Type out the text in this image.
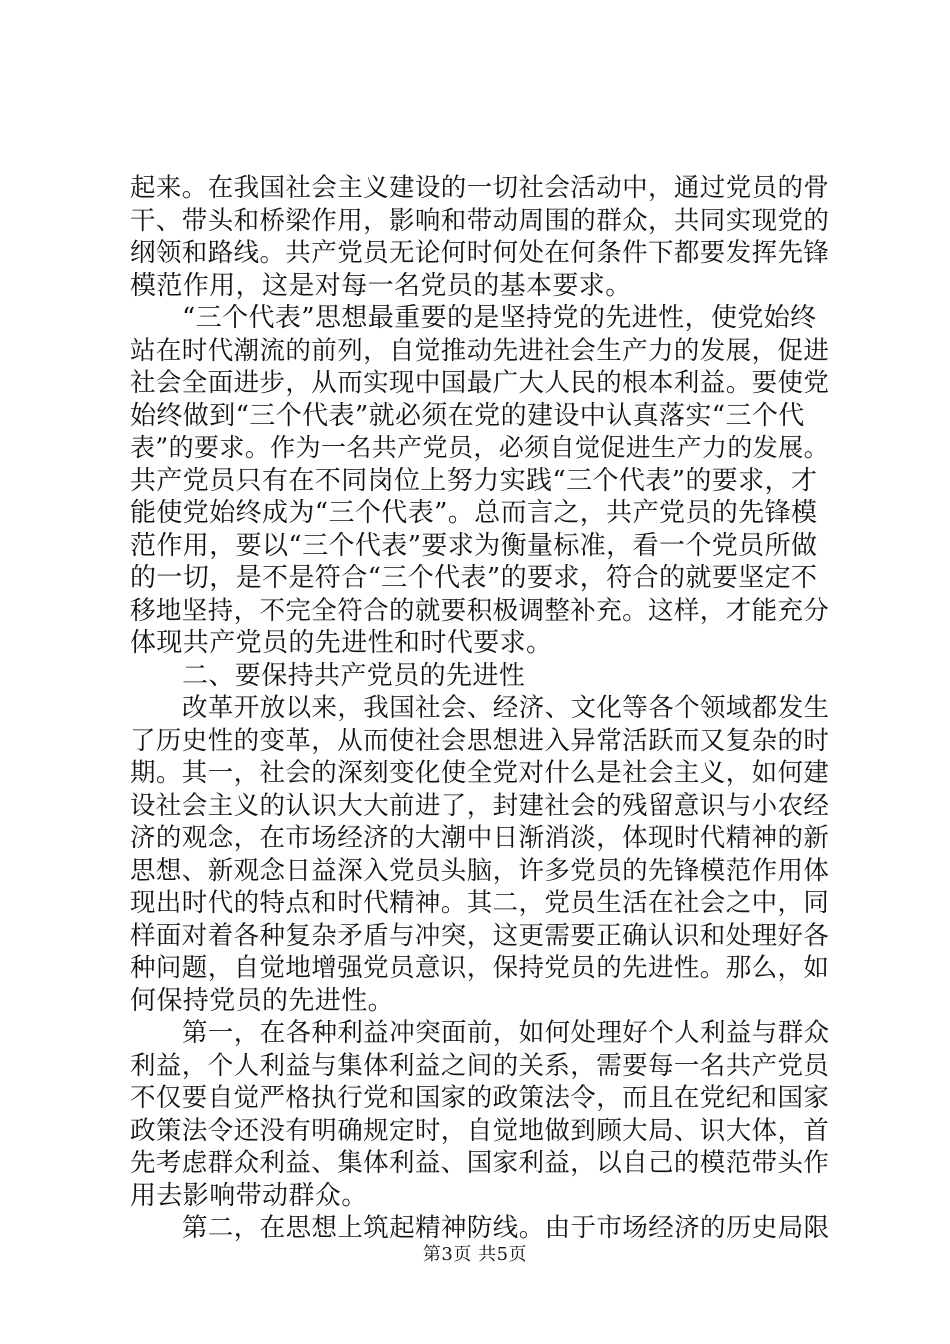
起来。在我国社会主义建设的一切社会活动中，通过党员的骨
干、带头和桥梁作用，影响和带动周围的群众，共同实现党的
纲领和路线。共产党员无论何时何处在何条件下都要发挥先锋
模范作用，这是对每一名党员的基本要求。
“三个代表”思想最重要的是坚持党的先进性，使党始终
站在时代潮流的前列，自觉推动先进社会生产力的发展，促进
社会全面进步，从而实现中国最广大人民的根本利益。要使党
始终做到“三个代表”就必须在党的建设中认真落实“三个代
表”的要求。作为一名共产党员，必须自觉促进生产力的发展。
共产党员只有在不同岗位上努力实践“三个代表”的要求，才
能使党始终成为“三个代表”。总而言之，共产党员的先锋模
范作用，要以“三个代表”要求为衡量标准，看一个党员所做
的一切，是不是符合“三个代表”的要求，符合的就要坚定不
移地坚持，不完全符合的就要积极调整补充。这样，才能充分
体现共产党员的先进性和时代要求。
二、要保持共产党员的先进性
改革开放以来，我国社会、经济、文化等各个领域都发生
了历史性的变革，从而使社会思想进入异常活跃而又复杂的时
期。其一，社会的深刻变化使全党对什么是社会主义，如何建
设社会主义的认识大大前进了，封建社会的残留意识与小农经
济的观念，在市场经济的大潮中日渐消淡，体现时代精神的新
思想、新观念日益深入党员头脑，许多党员的先锋模范作用体
现出时代的特点和时代精神。其二，党员生活在社会之中，同
样面对着各种复杂矛盾与冲突，这更需要正确认识和处理好各
种问题，自觉地增强党员意识，保持党员的先进性。那么，如
何保持党员的先进性。
第一，在各种利益冲突面前，如何处理好个人利益与群众
利益，个人利益与集体利益之间的关系，需要每一名共产党员
不仅要自觉严格执行党和国家的政策法令，而且在党纪和国家
政策法令还没有明确规定时，自觉地做到顾大局、识大体，首
先考虑群众利益、集体利益、国家利益，以自己的模范带头作
用去影响带动群众。
第二，在思想上筑起精神防线。由于市场经济的历史局限
第3页 共5页
